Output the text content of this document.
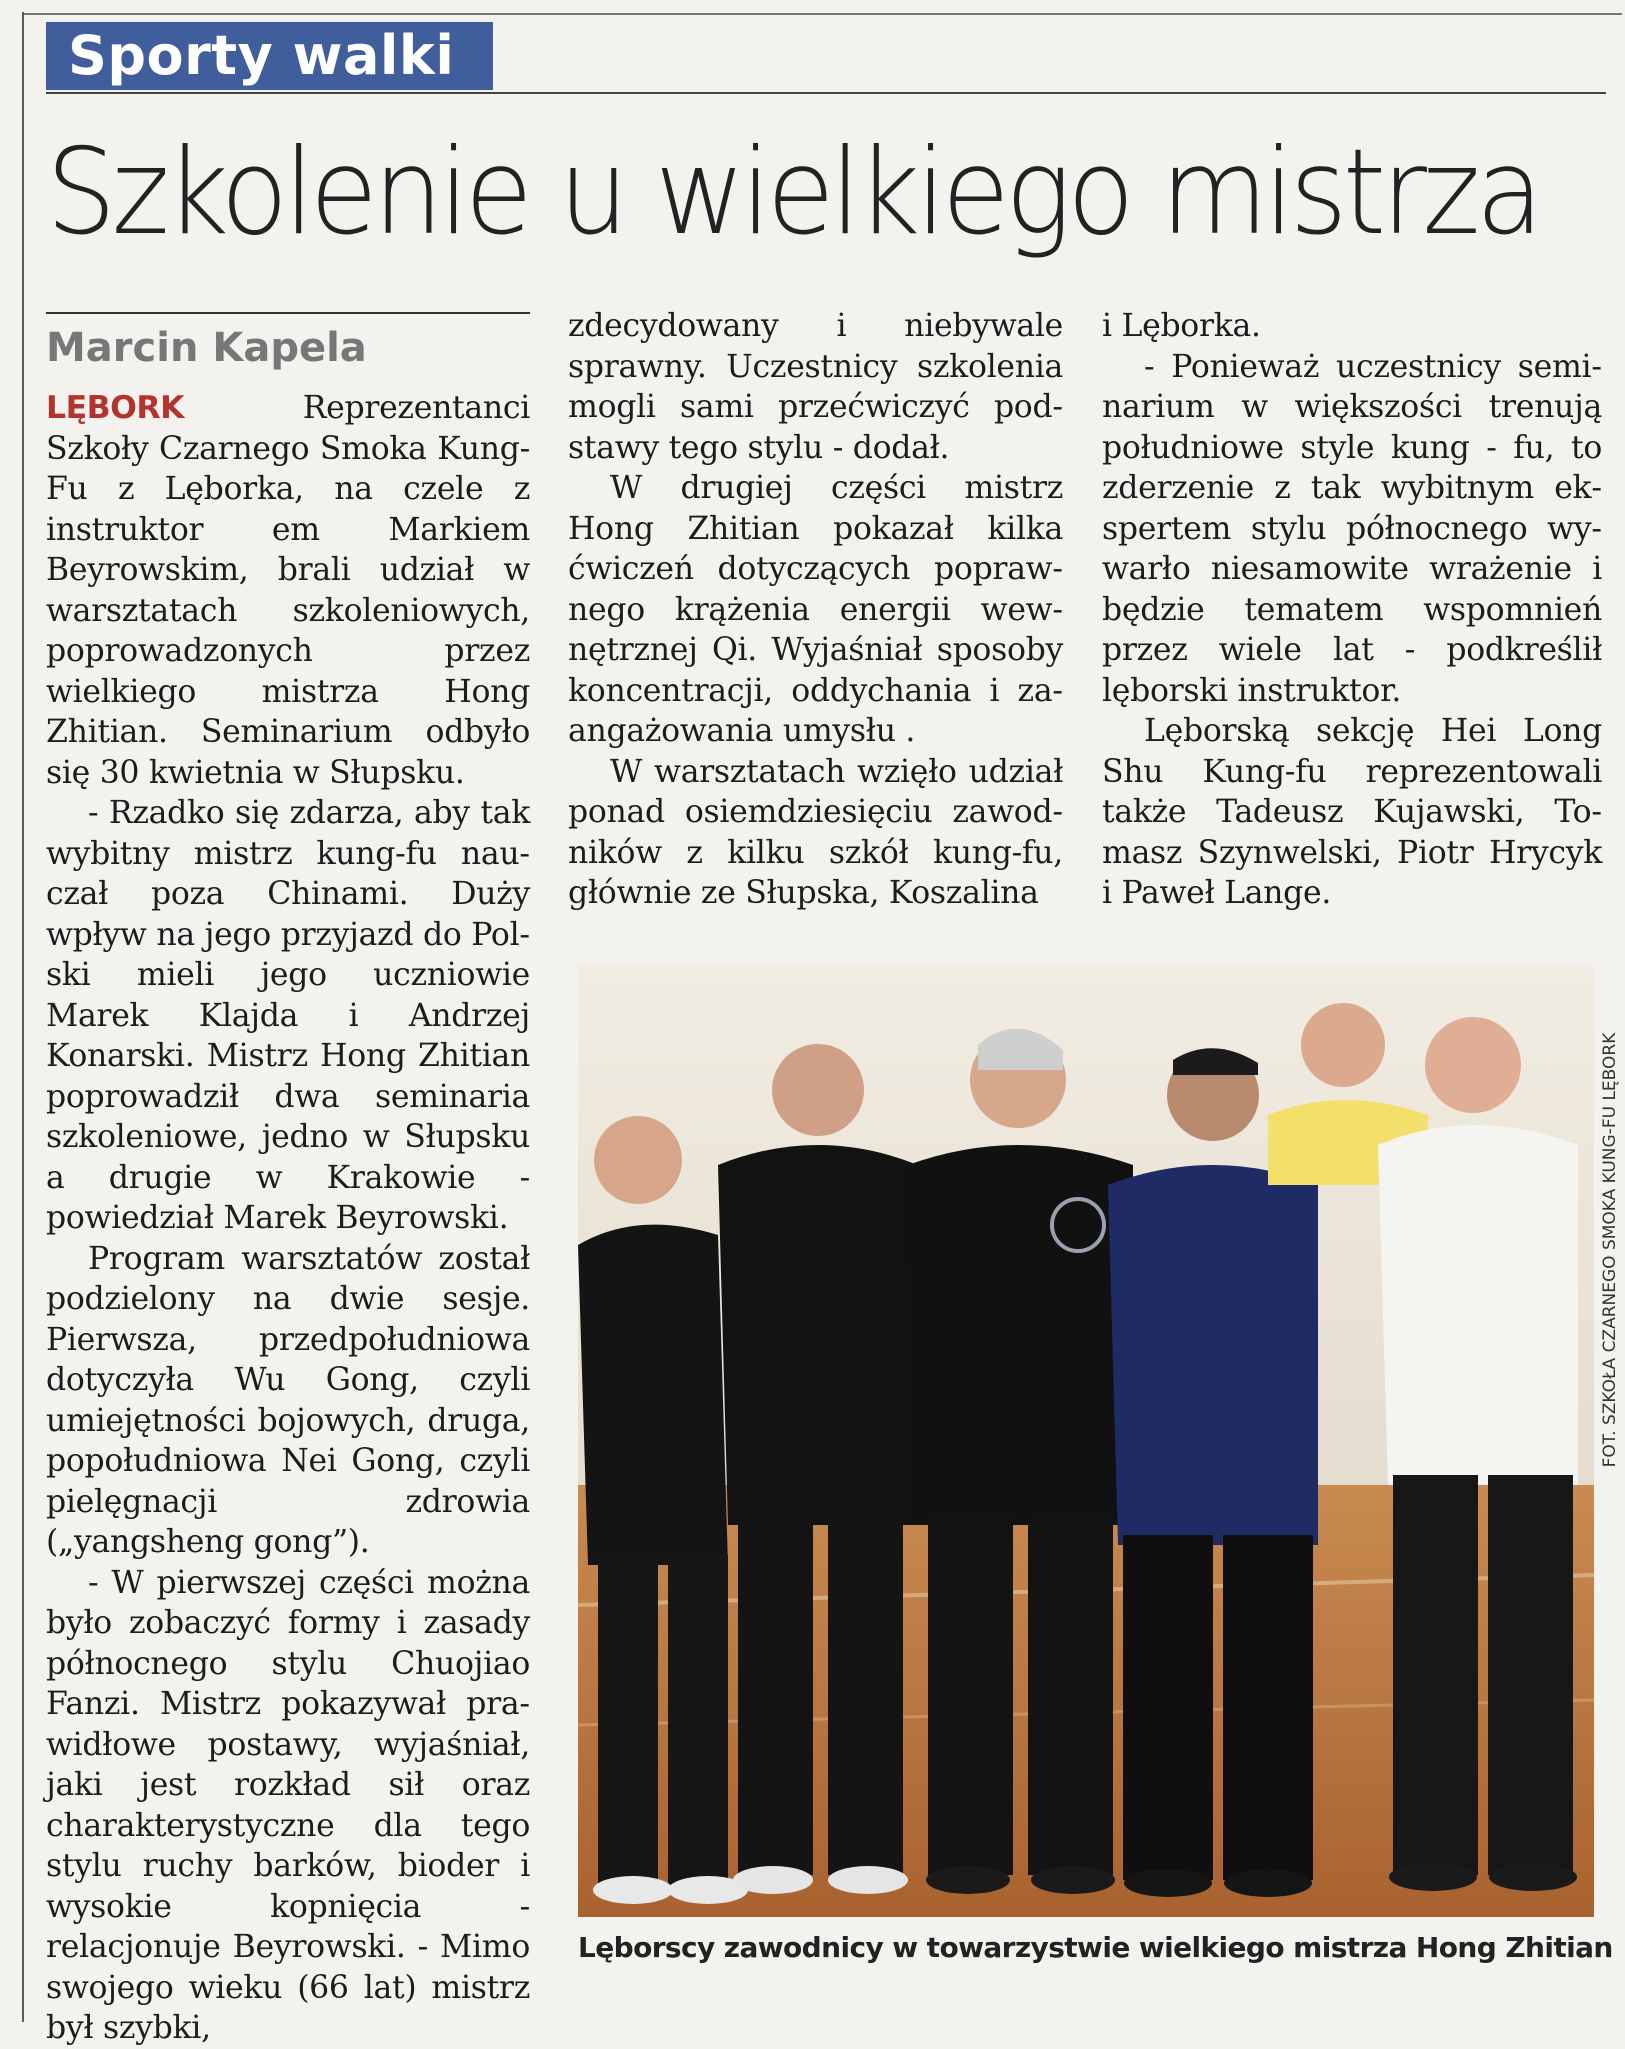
Sporty walki
Szkolenie u wielkiego mistrza
Marcin Kapela

LĘBORK	Reprezentanci Szkoły Czarnego Smoka Kung-Fu z Lęborka, na czele z instruktor em Markiem Beyrowskim, brali udział w warsztatach szkoleniowych, poprowadzonych przez wielkiego mistrza Hong Zhitian. Seminarium odbyło się 30 kwietnia w Słupsku.

- Rzadko się zdarza, aby tak wybitny mistrz kung-fu nauczał poza Chinami. Duży wpływ na jego przyjazd do Polski mieli jego uczniowie Marek Klajda i Andrzej Konarski. Mistrz Hong Zhitian poprowadził dwa seminaria szkoleniowe, jedno w Słupsku a drugie w Krakowie - powiedział Marek Beyrowski.

Program warsztatów został podzielony na dwie sesje. Pierwsza, przedpołudniowa dotyczyła Wu Gong, czyli umiejętności bojowych, druga, popołudniowa Nei Gong, czyli pielęgnacji zdrowia („yangsheng gong”).

- W pierwszej części można było zobaczyć formy i zasady północnego stylu Chuojiao Fanzi. Mistrz pokazywał prawidłowe postawy, wyjaśniał, jaki jest rozkład sił oraz charakterystyczne dla tego stylu ruchy barków, bioder i wysokie kopnięcia - relacjonuje Beyrowski. - Mimo swojego wieku (66 lat) mistrz był szybki,

zdecydowany i niebywale sprawny. Uczestnicy szkolenia mogli sami przećwiczyć podstawy tego stylu - dodał.

W drugiej części mistrz Hong Zhitian pokazał kilka ćwiczeń dotyczących poprawnego krążenia energii wewnętrznej Qi. Wyjaśniał sposoby koncentracji, oddychania i zaangażowania umysłu .

W warsztatach wzięło udział ponad osiemdziesięciu zawodników z kilku szkół kung-fu, głównie ze Słupska, Koszalina

i Lęborka.

- Ponieważ uczestnicy seminarium w większości trenują południowe style kung - fu, to zderzenie z tak wybitnym ekspertem stylu północnego wywarło niesamowite wrażenie i będzie tematem wspomnień przez wiele lat - podkreślił lęborski instruktor.

Lęborską sekcję Hei Long Shu Kung-fu reprezentowali także Tadeusz Kujawski, Tomasz Szynwelski, Piotr Hrycyk i Paweł Lange.

FOT. SZKOŁA CZARNEGO SMOKA KUNG-FU LĘBORK
Lęborscy zawodnicy w towarzystwie wielkiego mistrza Hong Zhitian
